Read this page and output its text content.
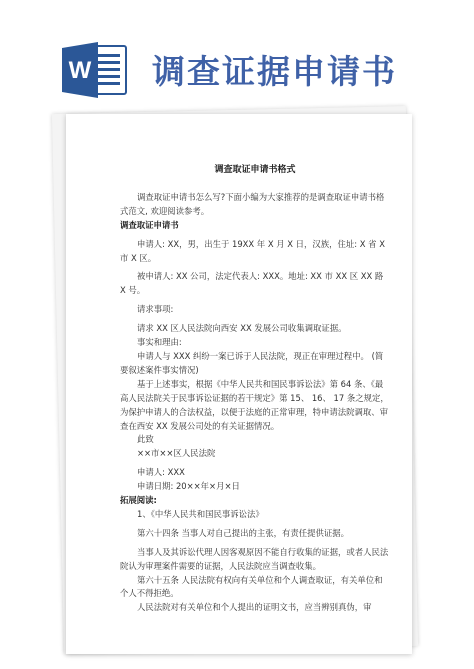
W 调查证据申请书

调查取证申请书格式

调查取证申请书怎么写?下面小编为大家推荐的是调查取证申请书格式范文, 欢迎阅读参考。

调查取证申请书

申请人: XX，男，出生于 19XX 年 X 月 X 日，汉族，住址: X 省 X 市 X 区。

被申请人: XX 公司，法定代表人: XXX。地址: XX 市 XX 区 XX 路 X 号。

请求事项:

请求 XX 区人民法院向西安 XX 发展公司收集调取证据。

事实和理由:

申请人与 XXX 纠纷一案已诉于人民法院，现正在审理过程中。 (简要叙述案件事实情况)

基于上述事实，根据《中华人民共和国民事诉讼法》第 64 条、《最高人民法院关于民事诉讼证据的若干规定》第 15、 16、 17 条之规定，为保护申请人的合法权益，以便于法庭的正常审理，特申请法院调取、审查在西安 XX 发展公司处的有关证据情况。

此致

××市××区人民法院

申请人: XXX

申请日期: 20××年×月×日

拓展阅读:

1、《中华人民共和国民事诉讼法》

第六十四条 当事人对自己提出的主张，有责任提供证据。

当事人及其诉讼代理人因客观原因不能自行收集的证据，或者人民法院认为审理案件需要的证据，人民法院应当调查收集。

第六十五条 人民法院有权向有关单位和个人调查取证，有关单位和个人不得拒绝。

人民法院对有关单位和个人提出的证明文书，应当辨别真伪，审
